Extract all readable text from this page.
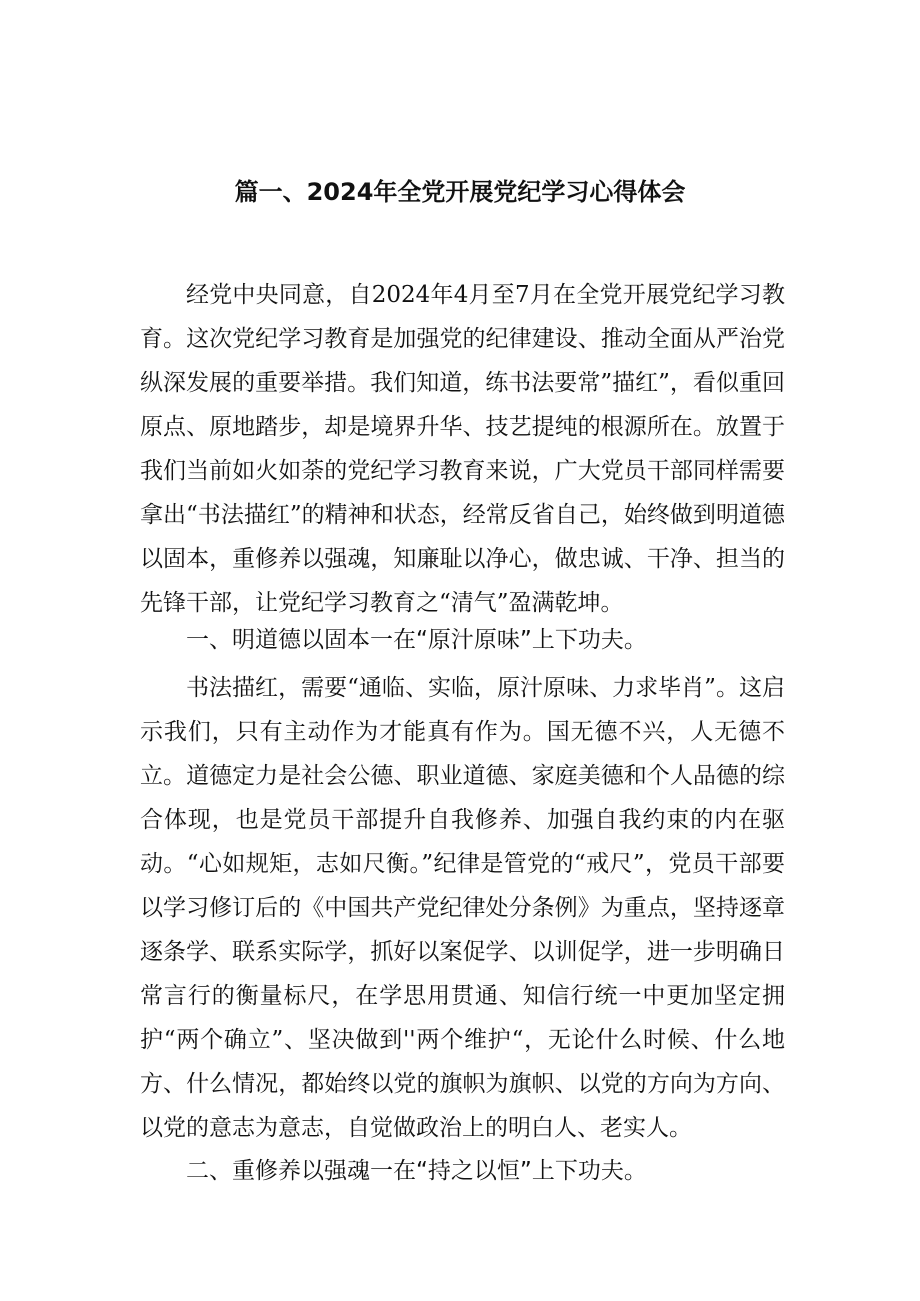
篇一、2024年全党开展党纪学习心得体会

经党中央同意，自2024年4月至7月在全党开展党纪学习教育。这次党纪学习教育是加强党的纪律建设、推动全面从严治党纵深发展的重要举措。我们知道，练书法要常”描红”，看似重回原点、原地踏步，却是境界升华、技艺提纯的根源所在。放置于我们当前如火如荼的党纪学习教育来说，广大党员干部同样需要拿出“书法描红”的精神和状态，经常反省自己，始终做到明道德以固本，重修养以强魂，知廉耻以净心，做忠诚、干净、担当的先锋干部，让党纪学习教育之“清气”盈满乾坤。

一、明道德以固本一在“原汁原味”上下功夫。

书法描红，需要“通临、实临，原汁原味、力求毕肖”。这启示我们，只有主动作为才能真有作为。国无德不兴，人无德不立。道德定力是社会公德、职业道德、家庭美德和个人品德的综合体现，也是党员干部提升自我修养、加强自我约束的内在驱动。“心如规矩，志如尺衡。”纪律是管党的“戒尺”，党员干部要以学习修订后的《中国共产党纪律处分条例》为重点，坚持逐章逐条学、联系实际学，抓好以案促学、以训促学，进一步明确日常言行的衡量标尺，在学思用贯通、知信行统一中更加坚定拥护“两个确立”、坚决做到''两个维护“，无论什么时候、什么地方、什么情况，都始终以党的旗帜为旗帜、以党的方向为方向、以党的意志为意志，自觉做政治上的明白人、老实人。

二、重修养以强魂一在“持之以恒”上下功夫。
